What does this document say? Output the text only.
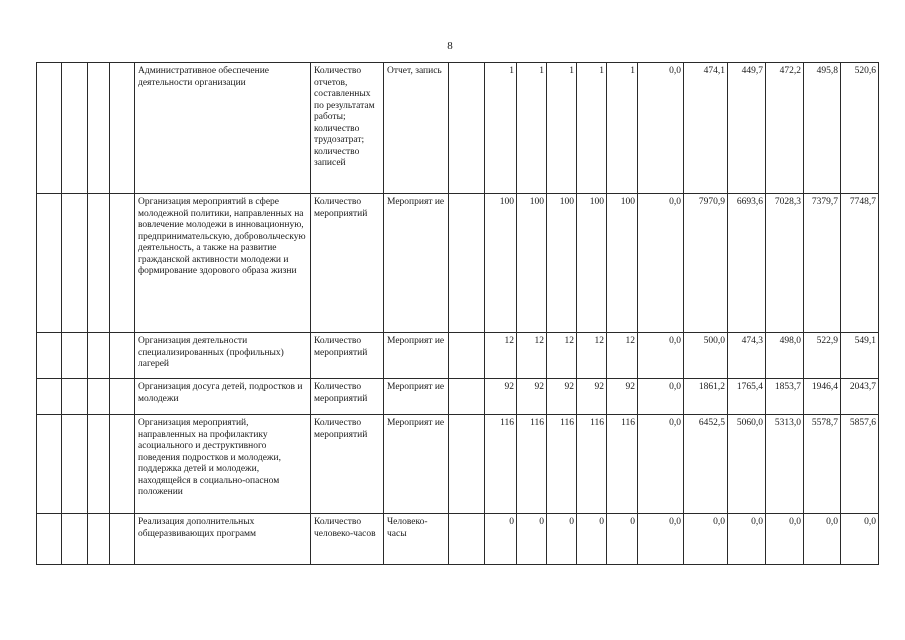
8
				Административное обеспечение деятельности организации	Количество отчетов, составленных по результатам работы; количество трудозатрат; количество записей	Отчет, запись		1	1	1	1	1	0,0	474,1	449,7	472,2	495,8	520,6
				Организация мероприятий в сфере молодежной политики, направленных на вовлечение молодежи в инновационную, предпринимательскую, добровольческую деятельность, а также на развитие гражданской активности молодежи и формирование здорового образа жизни	Количество мероприятий	Мероприят ие		100	100	100	100	100	0,0	7970,9	6693,6	7028,3	7379,7	7748,7
				Организация деятельности специализированных (профильных) лагерей	Количество мероприятий	Мероприят ие		12	12	12	12	12	0,0	500,0	474,3	498,0	522,9	549,1
				Организация досуга детей, подростков и молодежи	Количество мероприятий	Мероприят ие		92	92	92	92	92	0,0	1861,2	1765,4	1853,7	1946,4	2043,7
				Организация мероприятий, направленных на профилактику асоциального и деструктивного поведения подростков и молодежи, поддержка детей и молодежи, находящейся в социально-опасном положении	Количество мероприятий	Мероприят ие		116	116	116	116	116	0,0	6452,5	5060,0	5313,0	5578,7	5857,6
				Реализация дополнительных общеразвивающих программ	Количество человеко-часов	Человеко-часы		0	0	0	0	0	0,0	0,0	0,0	0,0	0,0	0,0
